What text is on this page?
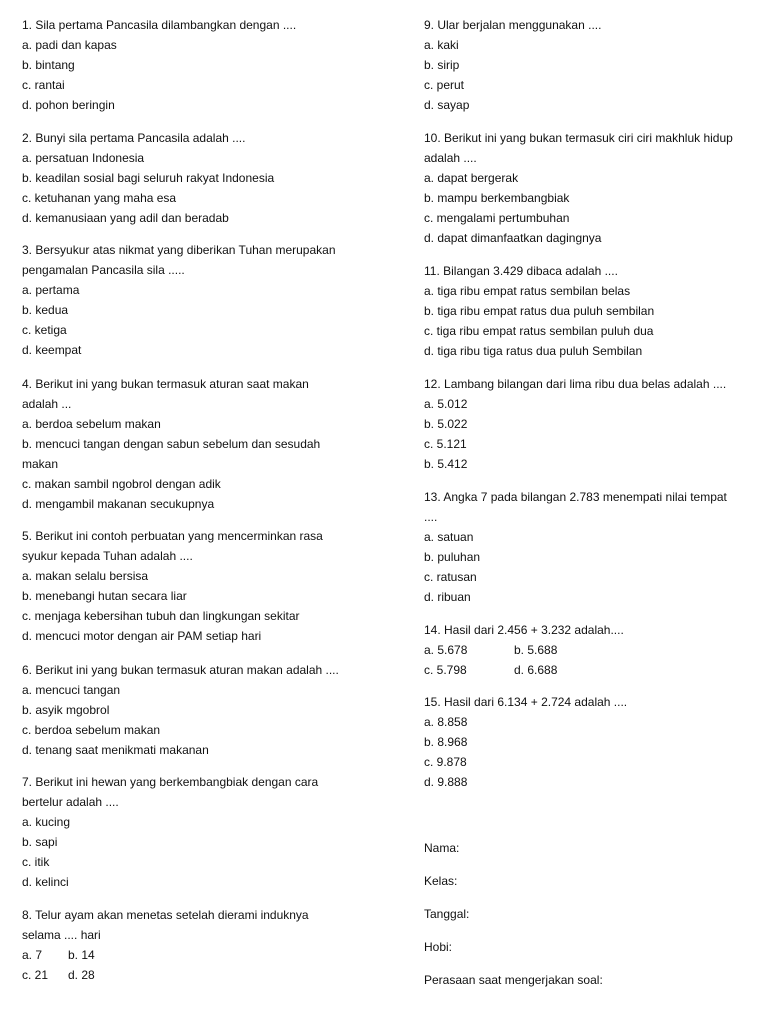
1. Sila pertama Pancasila dilambangkan dengan ....
a. padi dan kapas
b. bintang
c. rantai
d. pohon beringin
2. Bunyi sila pertama Pancasila adalah ....
a. persatuan Indonesia
b. keadilan sosial bagi seluruh rakyat Indonesia
c. ketuhanan yang maha esa
d. kemanusiaan yang adil dan beradab
3. Bersyukur atas nikmat yang diberikan Tuhan merupakan
pengamalan Pancasila sila .....
a. pertama
b. kedua
c. ketiga
d. keempat
4. Berikut ini yang bukan termasuk aturan saat makan
adalah ...
a. berdoa sebelum makan
b. mencuci tangan dengan sabun sebelum dan sesudah
makan
c. makan sambil ngobrol dengan adik
d. mengambil makanan secukupnya
5. Berikut ini contoh perbuatan yang mencerminkan rasa
syukur kepada Tuhan adalah ....
a. makan selalu bersisa
b. menebangi hutan secara liar
c. menjaga kebersihan tubuh dan lingkungan sekitar
d. mencuci motor dengan air PAM setiap hari
6. Berikut ini yang bukan termasuk aturan makan adalah ....
a. mencuci tangan
b. asyik mgobrol
c. berdoa sebelum makan
d. tenang saat menikmati makanan
7. Berikut ini hewan yang berkembangbiak dengan cara
bertelur adalah ....
a. kucing
b. sapi
c. itik
d. kelinci
8. Telur ayam akan menetas setelah dierami induknya
selama .... hari
a. 7	b. 14
c. 21	d. 28
9. Ular berjalan menggunakan ....
a. kaki
b. sirip
c. perut
d. sayap
10. Berikut ini yang bukan termasuk ciri ciri makhluk hidup
adalah ....
a. dapat bergerak
b. mampu berkembangbiak
c. mengalami pertumbuhan
d. dapat dimanfaatkan dagingnya
11. Bilangan 3.429 dibaca adalah ....
a. tiga ribu empat ratus sembilan belas
b. tiga ribu empat ratus dua puluh sembilan
c. tiga ribu empat ratus sembilan puluh dua
d. tiga ribu tiga ratus dua puluh Sembilan
12. Lambang bilangan dari lima ribu dua belas adalah ....
a. 5.012
b. 5.022
c. 5.121
b. 5.412
13. Angka 7 pada bilangan 2.783 menempati nilai tempat
....
a. satuan
b. puluhan
c. ratusan
d. ribuan
14. Hasil dari 2.456 + 3.232 adalah....
a. 5.678	b. 5.688
c. 5.798	d. 6.688
15. Hasil dari 6.134 + 2.724 adalah ....
a. 8.858
b. 8.968
c. 9.878
d. 9.888
Nama:
Kelas:
Tanggal:
Hobi:
Perasaan saat mengerjakan soal:
